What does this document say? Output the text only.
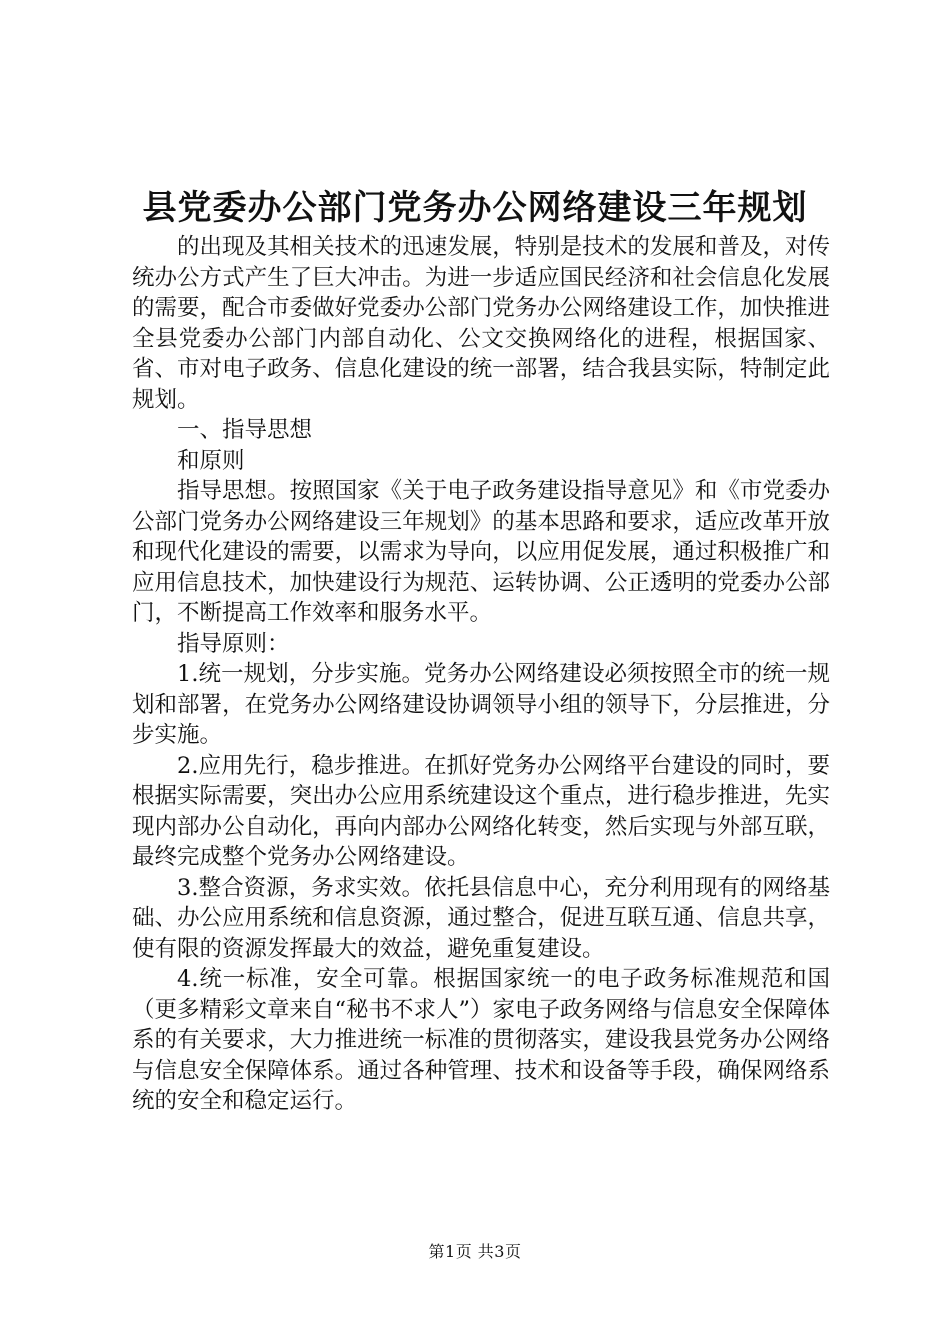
县党委办公部门党务办公网络建设三年规划

的出现及其相关技术的迅速发展，特别是技术的发展和普及，对传统办公方式产生了巨大冲击。为进一步适应国民经济和社会信息化发展的需要，配合市委做好党委办公部门党务办公网络建设工作，加快推进全县党委办公部门内部自动化、公文交换网络化的进程，根据国家、省、市对电子政务、信息化建设的统一部署，结合我县实际，特制定此规划。

一、指导思想

和原则

指导思想。按照国家《关于电子政务建设指导意见》和《市党委办公部门党务办公网络建设三年规划》的基本思路和要求，适应改革开放和现代化建设的需要，以需求为导向，以应用促发展，通过积极推广和应用信息技术，加快建设行为规范、运转协调、公正透明的党委办公部门，不断提高工作效率和服务水平。

指导原则：

1.统一规划，分步实施。党务办公网络建设必须按照全市的统一规划和部署，在党务办公网络建设协调领导小组的领导下，分层推进，分步实施。

2.应用先行，稳步推进。在抓好党务办公网络平台建设的同时，要根据实际需要，突出办公应用系统建设这个重点，进行稳步推进，先实现内部办公自动化，再向内部办公网络化转变，然后实现与外部互联，最终完成整个党务办公网络建设。

3.整合资源，务求实效。依托县信息中心，充分利用现有的网络基础、办公应用系统和信息资源，通过整合，促进互联互通、信息共享，使有限的资源发挥最大的效益，避免重复建设。

4.统一标准，安全可靠。根据国家统一的电子政务标准规范和国（更多精彩文章来自“秘书不求人”）家电子政务网络与信息安全保障体系的有关要求，大力推进统一标准的贯彻落实，建设我县党务办公网络与信息安全保障体系。通过各种管理、技术和设备等手段，确保网络系统的安全和稳定运行。

第1页 共3页
